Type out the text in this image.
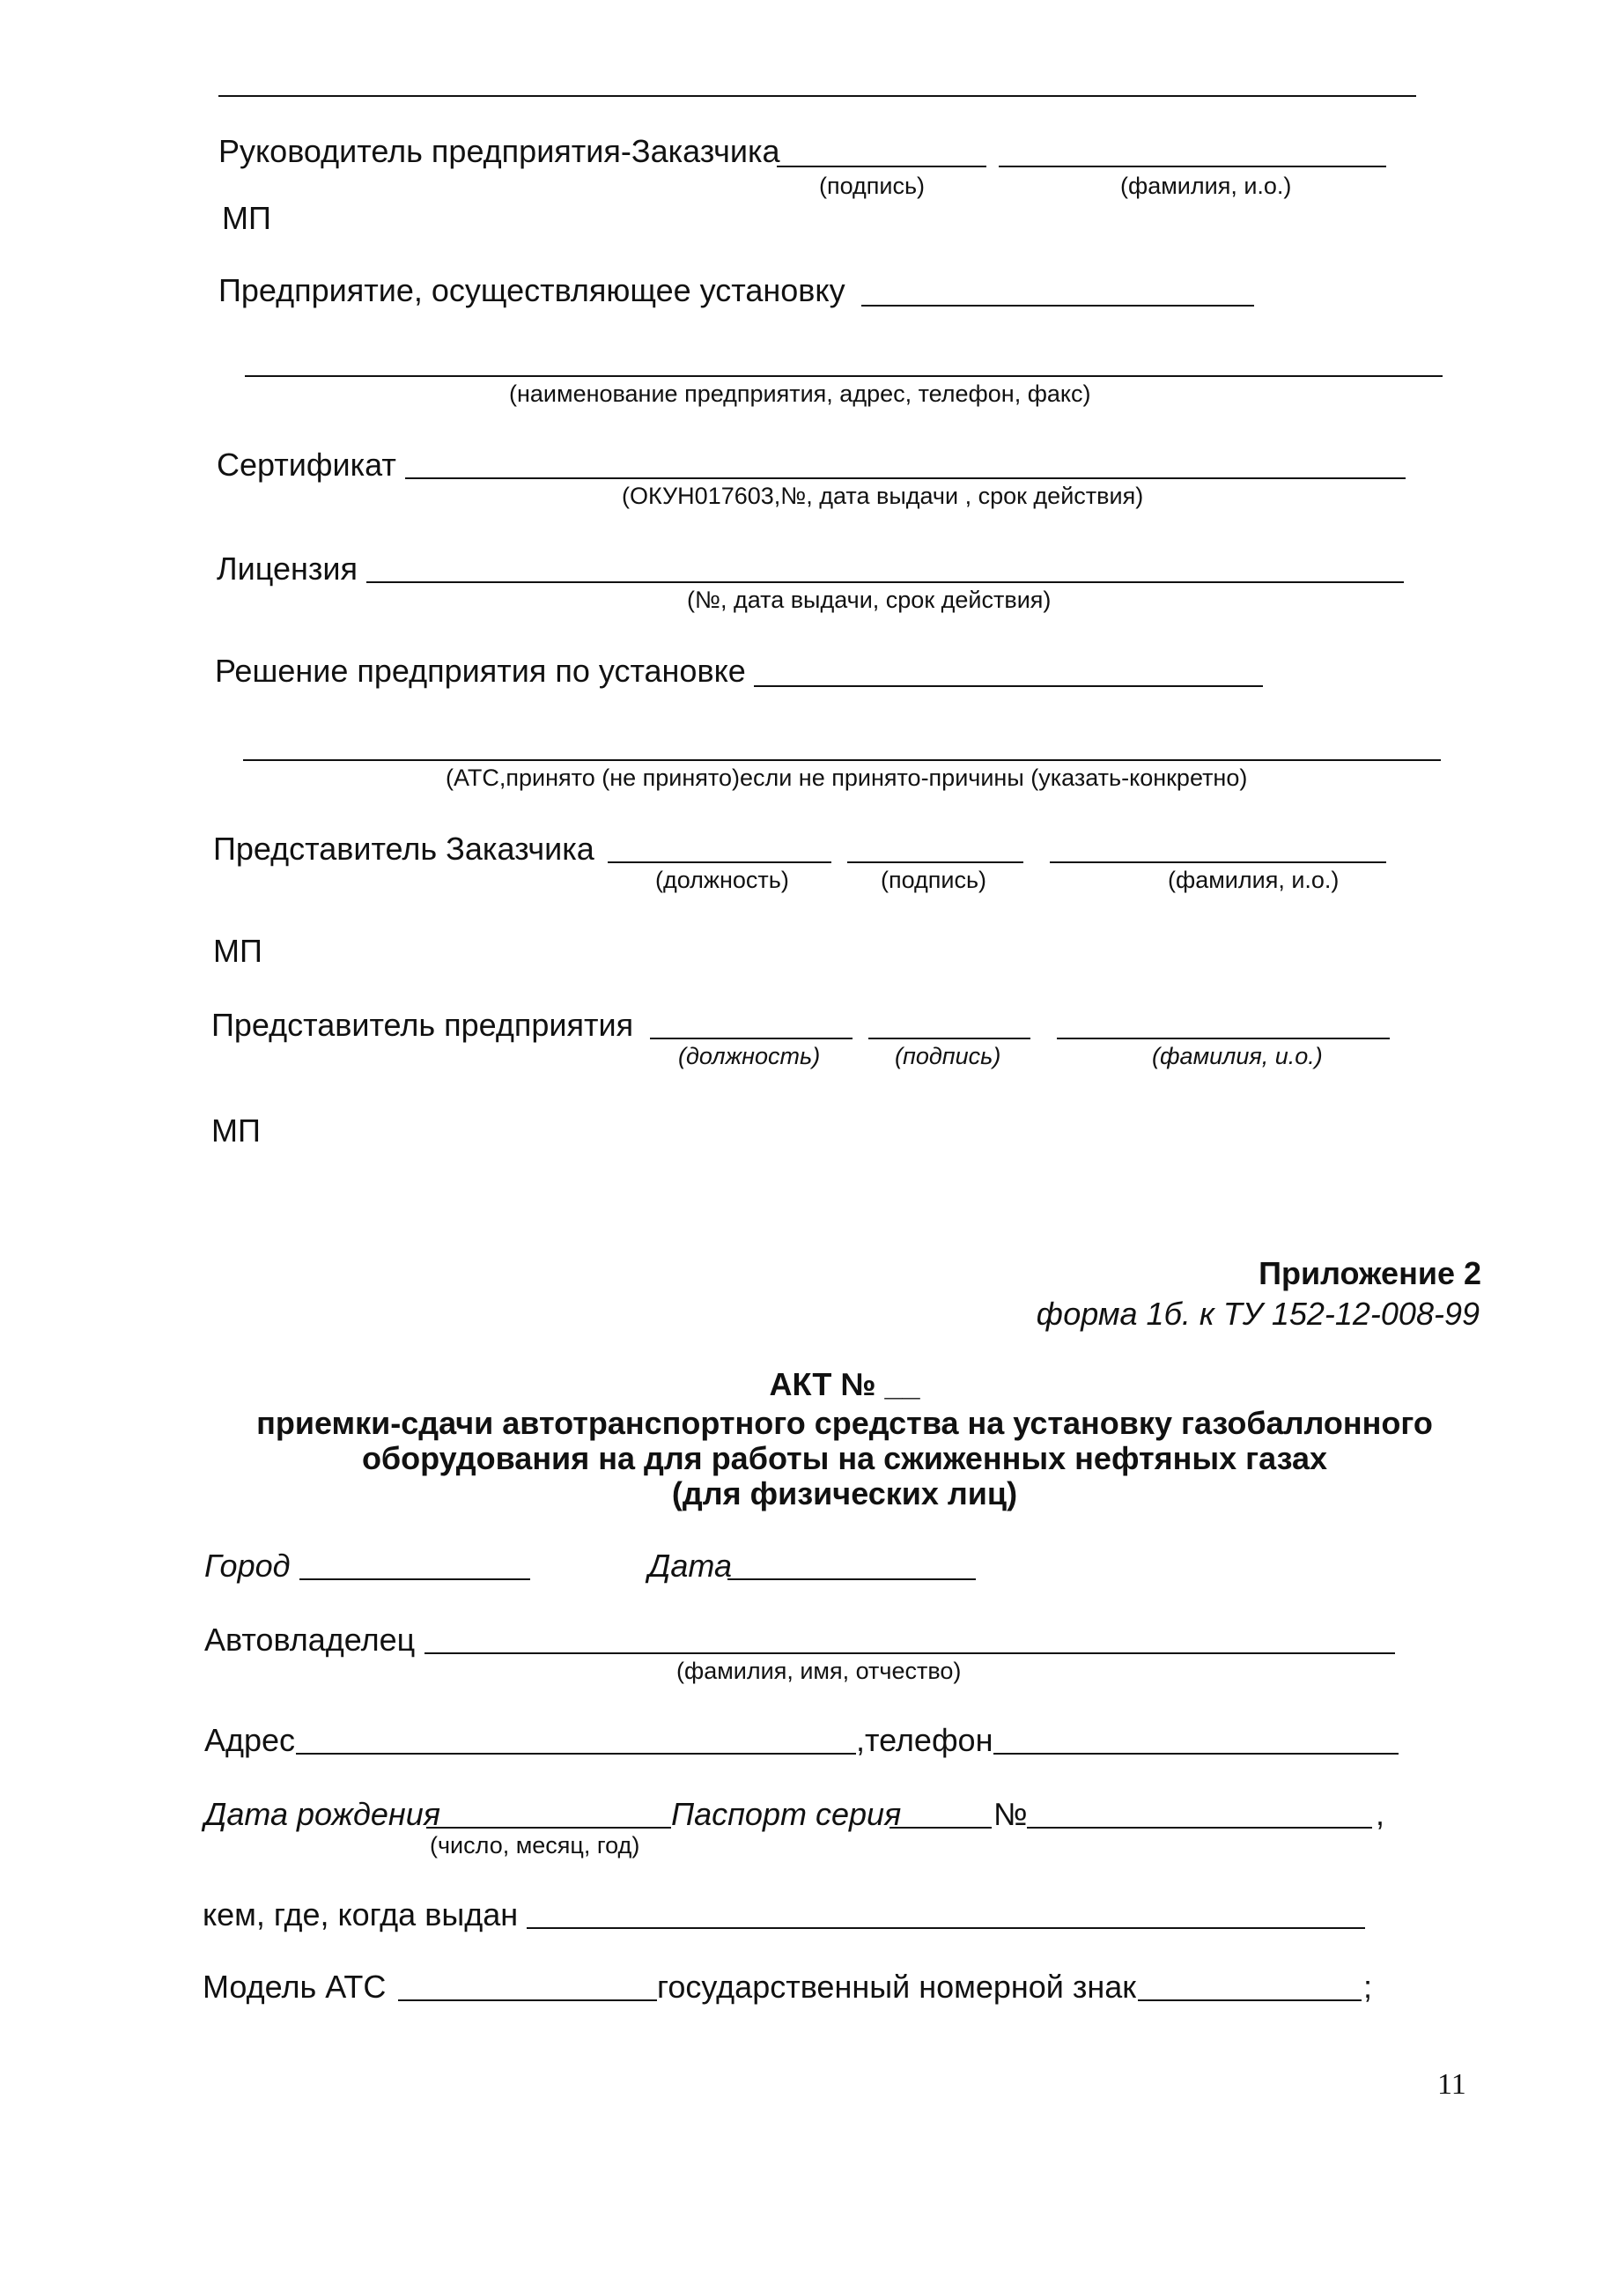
Руководитель предприятия-Заказчика
(подпись)	(фамилия, и.о.)
МП
Предприятие, осуществляющее установку
(наименование предприятия, адрес, телефон, факс)
Сертификат
(ОКУН017603,№, дата выдачи , срок действия)
Лицензия
(№, дата выдачи, срок действия)
Решение предприятия по установке
(АТС,принято (не принято)если не принято-причины (указать-конкретно)
Представитель Заказчика
(должность)	(подпись)	(фамилия, и.о.)
МП
Представитель предприятия
(должность)	(подпись)	(фамилия, и.о.)
МП
Приложение 2
форма 1б. к ТУ 152-12-008-99
АКТ № __
приемки-сдачи автотранспортного средства на установку газобаллонного
оборудования на для работы на сжиженных нефтяных газах
(для физических лиц)
Город	Дата
Автовладелец
(фамилия, имя, отчество)
Адрес	,телефон
Дата рождения	Паспорт серия	№	,
(число, месяц, год)
кем, где, когда выдан
Модель АТС	государственный номерной знак	;
11
